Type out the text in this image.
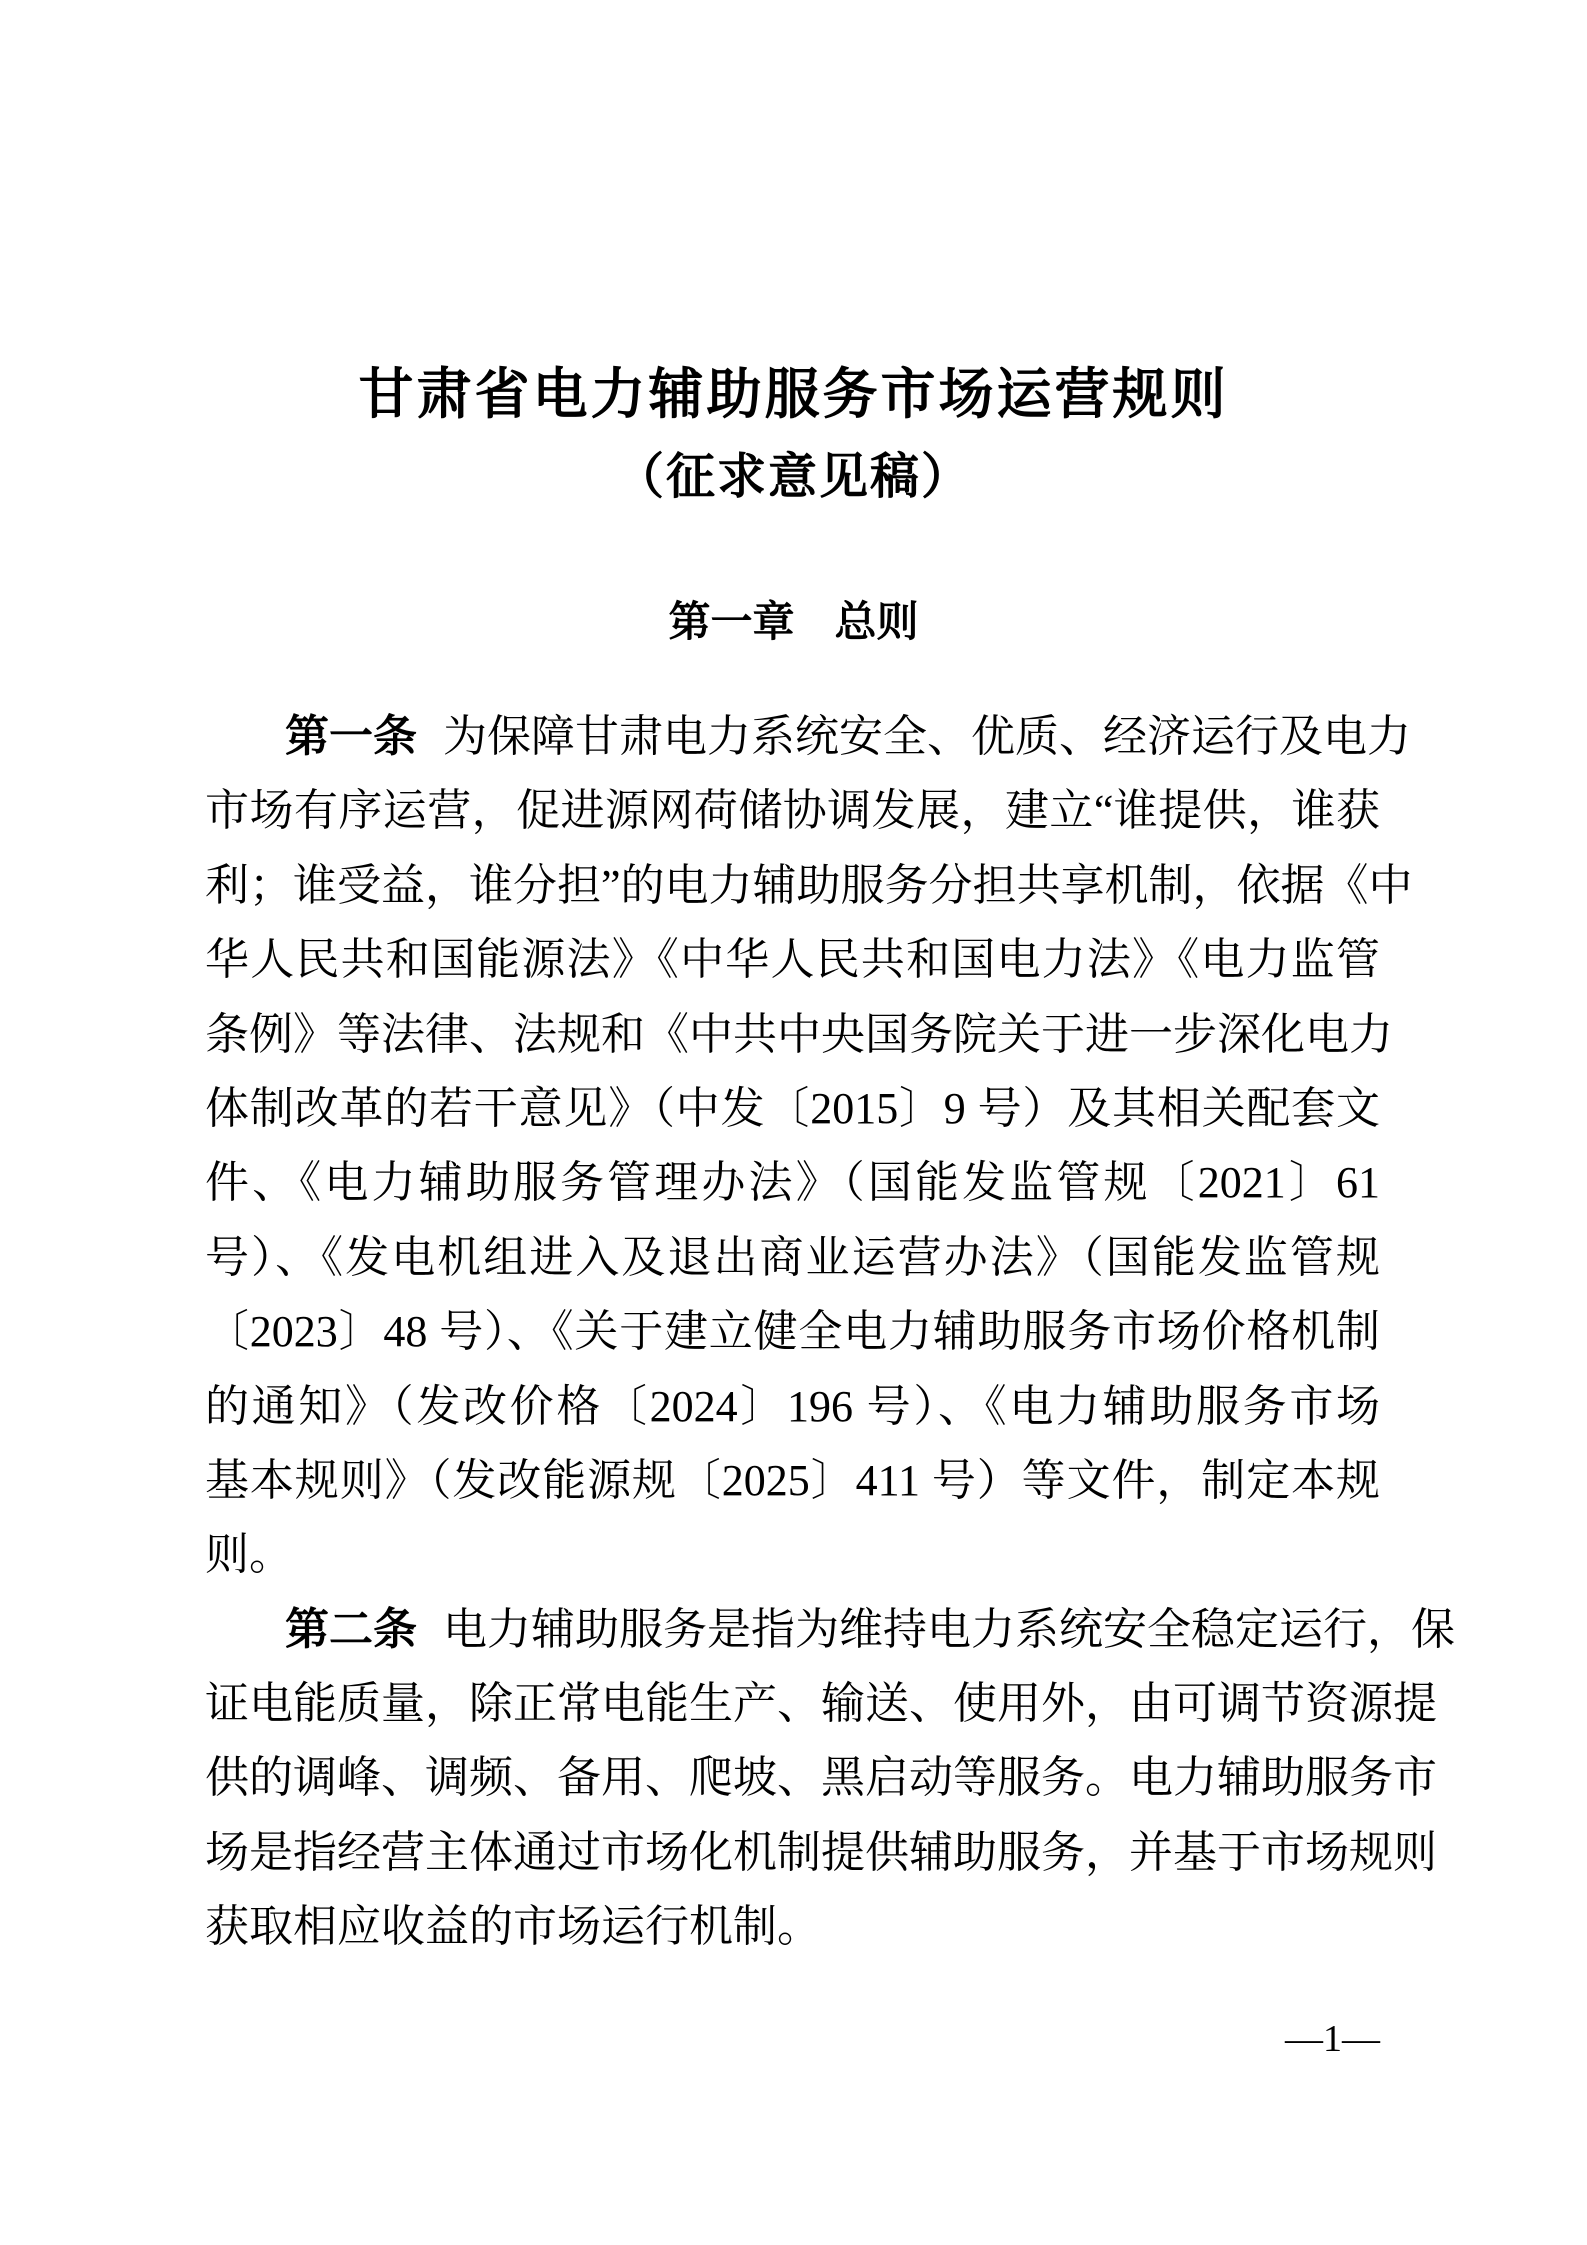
甘肃省电力辅助服务市场运营规则
（征求意见稿）
第一章 总则
第一条 为保障甘肃电力系统安全、优质、经济运行及电力
市场有序运营，促进源网荷储协调发展，建立“谁提供，谁获
利；谁受益，谁分担”的电力辅助服务分担共享机制，依据《中
华人民共和国能源法》《中华人民共和国电力法》《电力监管
条例》等法律、法规和《中共中央国务院关于进一步深化电力
体制改革的若干意见》（中发〔2015〕9 号）及其相关配套文
件、《电力辅助服务管理办法》（国能发监管规〔2021〕61
号）、《发电机组进入及退出商业运营办法》（国能发监管规
〔2023〕48 号）、《关于建立健全电力辅助服务市场价格机制
的通知》（发改价格〔2024〕196 号）、《电力辅助服务市场
基本规则》（发改能源规〔2025〕411 号）等文件，制定本规
则。
第二条 电力辅助服务是指为维持电力系统安全稳定运行，保
证电能质量，除正常电能生产、输送、使用外，由可调节资源提
供的调峰、调频、备用、爬坡、黑启动等服务。电力辅助服务市
场是指经营主体通过市场化机制提供辅助服务，并基于市场规则
获取相应收益的市场运行机制。
—1—
